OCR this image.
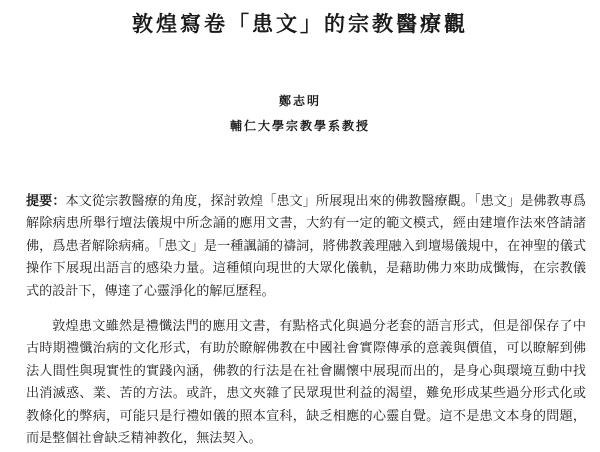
敦煌寫卷「患文」的宗教醫療觀

鄭志明

輔仁大學宗教學系教授

提要：本文從宗教醫療的角度，探討敦煌「患文」所展現出來的佛教醫療觀。「患文」是佛教專爲解除病患所舉行壇法儀規中所念誦的應用文書，大約有一定的範文模式，經由建壇作法來啓請諸佛，爲患者解除病痛。「患文」是一種諷誦的禱詞，將佛教義理融入到壇場儀規中，在神聖的儀式操作下展現出語言的感染力量。這種傾向現世的大眾化儀軌，是藉助佛力來助成懺悔，在宗教儀式的設計下，傳達了心靈淨化的解厄歷程。

敦煌患文雖然是禮懺法門的應用文書，有點格式化與過分老套的語言形式，但是卻保存了中古時期禮懺治病的文化形式，有助於瞭解佛教在中國社會實際傳承的意義與價值，可以瞭解到佛法人間性與現實性的實踐內涵，佛教的行法是在社會關懷中展現而出的，是身心與環境互動中找出消滅惑、業、苦的方法。或許，患文夾雜了民眾現世利益的渴望，難免形成某些過分形式化或教條化的弊病，可能只是行禮如儀的照本宣科，缺乏相應的心靈自覺。這不是患文本身的問題，而是整個社會缺乏精神教化，無法契入。
